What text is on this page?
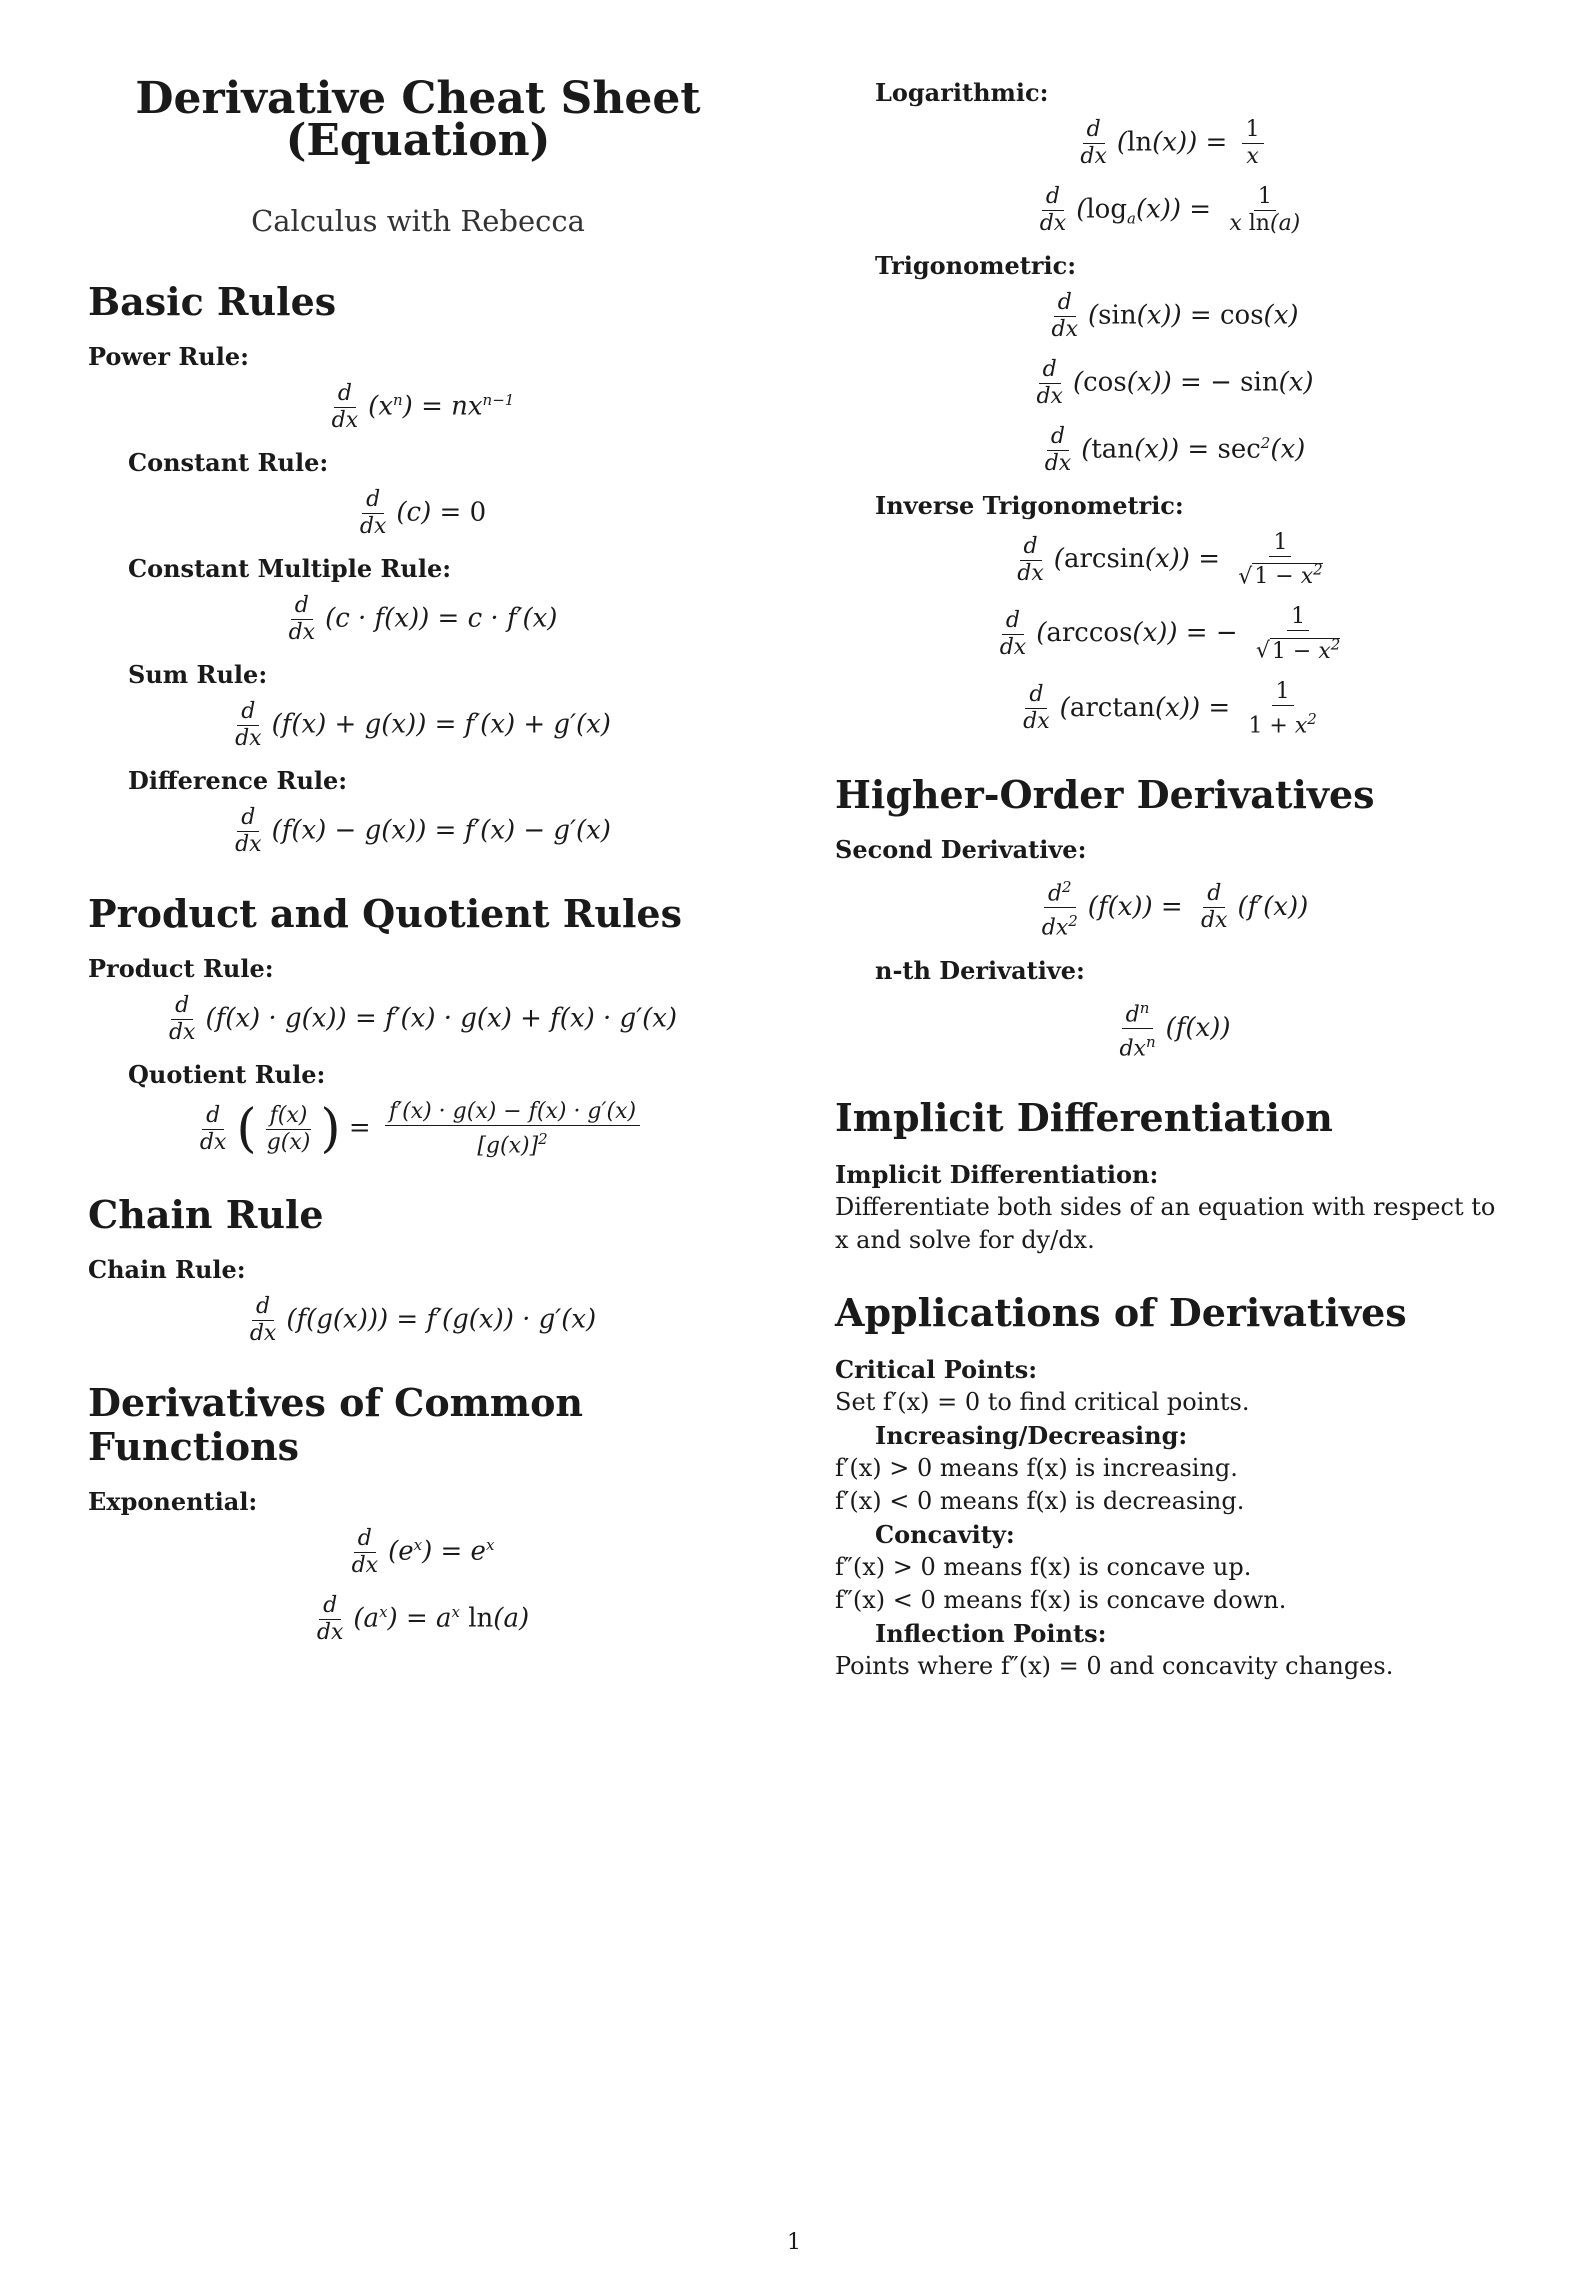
Derivative Cheat Sheet (Equation)
Calculus with Rebecca
Basic Rules
Power Rule:
$\frac{d}{dx} (x^n) = nx^{n-1}$
Constant Rule:
$\frac{d}{dx} (c) = 0$
Constant Multiple Rule:
$\frac{d}{dx} (c \cdot f(x)) = c \cdot f'(x)$
Sum Rule:
$\frac{d}{dx} (f(x) + g(x)) = f'(x) + g'(x)$
Difference Rule:
$\frac{d}{dx} (f(x) - g(x)) = f'(x) - g'(x)$
Product and Quotient Rules
Product Rule:
$\frac{d}{dx} (f(x) \cdot g(x)) = f'(x) \cdot g(x) + f(x) \cdot g'(x)$
Quotient Rule:
$\frac{d}{dx}$ ( $\frac{f(x)}{g(x)}$ ) = $\frac{f'(x) \cdot g(x) - f(x) \cdot g'(x)}{[g(x)]^2}$
Chain Rule
Chain Rule:
$\frac{d}{dx} (f(g(x))) = f'(g(x)) \cdot g'(x)$
Derivatives of Common Functions
Exponential:
$\frac{d}{dx} (e^x) = e^x$
$\frac{d}{dx} (a^x) = a^x$ ln(a)
Logarithmic:
$\frac{d}{dx} (\ln(x)) = \frac{1}{x}$
$\frac{d}{dx} (\log_a(x)) = \frac{1}{\text{x ln(a)}}$
Trigonometric:
$\frac{d}{dx} (\sin(x)) = \cos(x)$
$\frac{d}{dx} (\cos(x))$ = − sin(x)
$\frac{d}{dx} (\tan(x)) = \sec^2(x)$
Inverse Trigonometric:
$\frac{d}{dx} (\arcsin(x)) = \frac{1}{√1 - x^2}$
$\frac{d}{dx} (\arccos(x))$ = − $\frac{1}{√1 - x^2}$
$\frac{d}{dx} (\arctan(x)) = \frac{1}{1 + x^2}$
Higher-Order Derivatives
Second Derivative:
$\frac{d^2}{dx^2} (f(x)) = \frac{d}{dx} (f'(x))$
n-th Derivative:
$\frac{d^n}{dx^n} (f(x))$
Implicit Differentiation
Implicit Differentiation:
Differentiate both sides of an equation with respect to x and solve for dy/dx.
Applications of Derivatives
Critical Points:
Set f′(x) = 0 to find critical points.
Increasing/Decreasing:
f′(x) > 0 means f(x) is increasing.
f′(x) < 0 means f(x) is decreasing.
Concavity:
f″(x) > 0 means f(x) is concave up.
f″(x) < 0 means f(x) is concave down.
Inflection Points:
Points where f″(x) = 0 and concavity changes.
1
